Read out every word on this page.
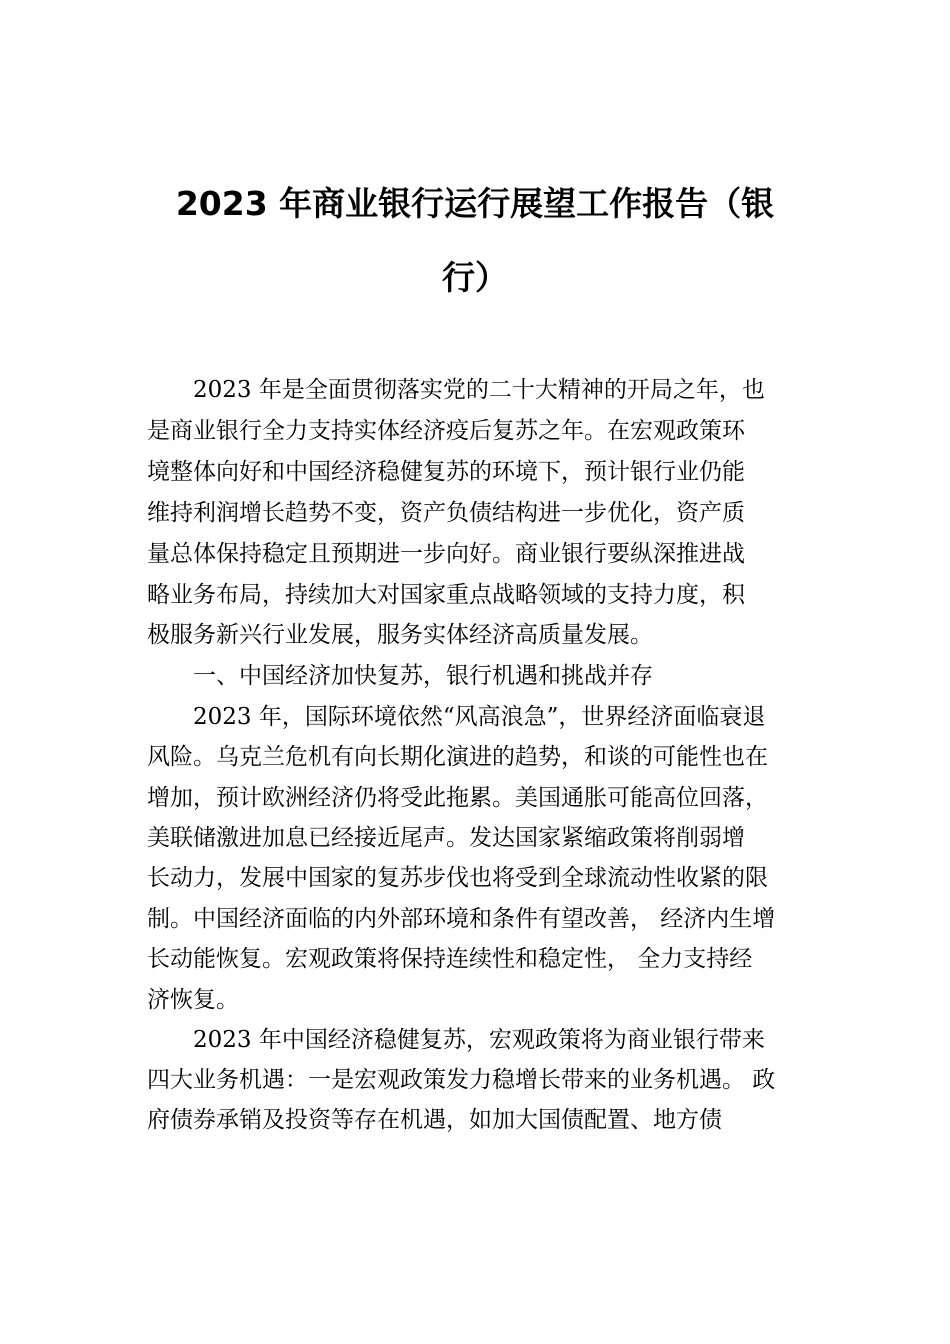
2023 年商业银行运行展望工作报告（银
行）
　　2023 年是全面贯彻落实党的二十大精神的开局之年，也
是商业银行全力支持实体经济疫后复苏之年。在宏观政策环
境整体向好和中国经济稳健复苏的环境下，预计银行业仍能
维持利润增长趋势不变，资产负债结构进一步优化，资产质
量总体保持稳定且预期进一步向好。商业银行要纵深推进战
略业务布局，持续加大对国家重点战略领域的支持力度，积
极服务新兴行业发展，服务实体经济高质量发展。
　　一、中国经济加快复苏，银行机遇和挑战并存
　　2023 年，国际环境依然“风高浪急”，世界经济面临衰退
风险。乌克兰危机有向长期化演进的趋势，和谈的可能性也在
增加，预计欧洲经济仍将受此拖累。美国通胀可能高位回落，
美联储激进加息已经接近尾声。发达国家紧缩政策将削弱增
长动力，发展中国家的复苏步伐也将受到全球流动性收紧的限
制。中国经济面临的内外部环境和条件有望改善， 经济内生增
长动能恢复。宏观政策将保持连续性和稳定性， 全力支持经
济恢复。
　　2023 年中国经济稳健复苏，宏观政策将为商业银行带来
四大业务机遇：一是宏观政策发力稳增长带来的业务机遇。 政
府债券承销及投资等存在机遇，如加大国债配置、地方债
